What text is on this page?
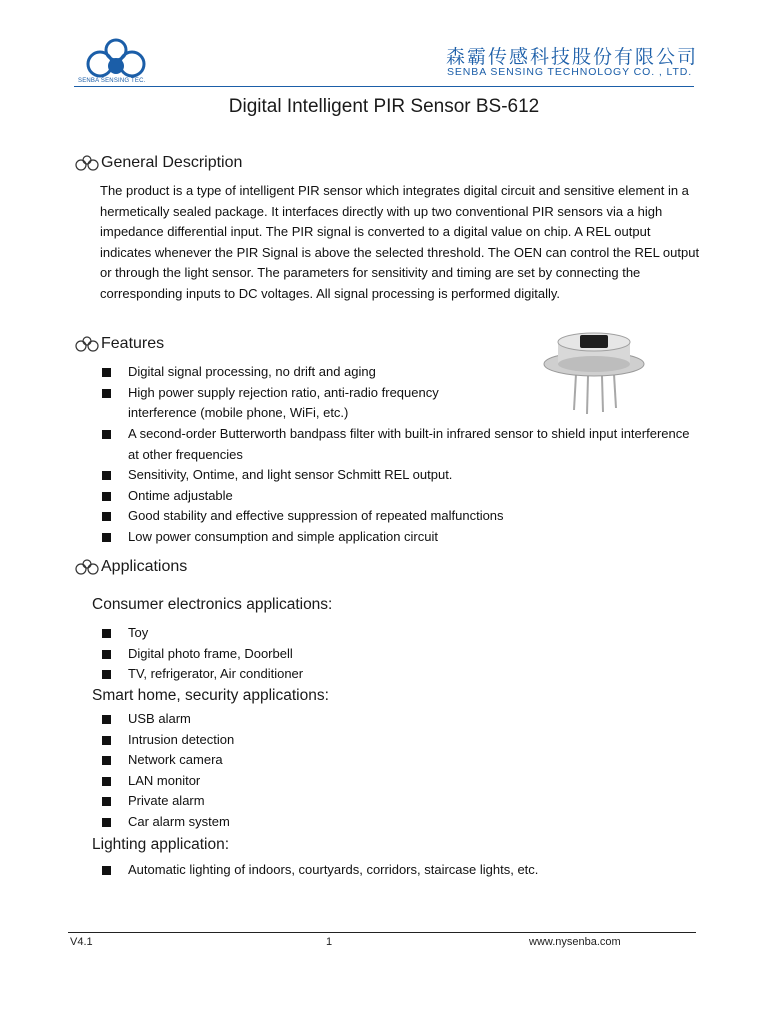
SENBA SENSING TEC.
森霸传感科技股份有限公司
SENBA SENSING TECHNOLOGY CO. , LTD.
Digital Intelligent PIR Sensor BS-612
General Description
The product is a type of intelligent PIR sensor which integrates digital circuit and sensitive element in a hermetically sealed package. It interfaces directly with up two conventional PIR sensors via a high impedance differential input. The PIR signal is converted to a digital value on chip. A REL output indicates whenever the PIR Signal is above the selected threshold. The OEN can control the REL output or through the light sensor. The parameters for sensitivity and timing are set by connecting the corresponding inputs to DC voltages. All signal processing is performed digitally.
Features
Digital signal processing, no drift and aging
High power supply rejection ratio, anti-radio frequency interference (mobile phone, WiFi, etc.)
A second-order Butterworth bandpass filter with built-in infrared sensor to shield input interference at other frequencies
Sensitivity, Ontime, and light sensor Schmitt REL output.
Ontime adjustable
Good stability and effective suppression of repeated malfunctions
Low power consumption and simple application circuit
Applications
Consumer electronics applications:
Toy
Digital photo frame, Doorbell
TV, refrigerator, Air conditioner
Smart home, security applications:
USB alarm
Intrusion detection
Network camera
LAN monitor
Private alarm
Car alarm system
Lighting application:
Automatic lighting of indoors, courtyards, corridors, staircase lights, etc.
V4.1	1	www.nysenba.com
